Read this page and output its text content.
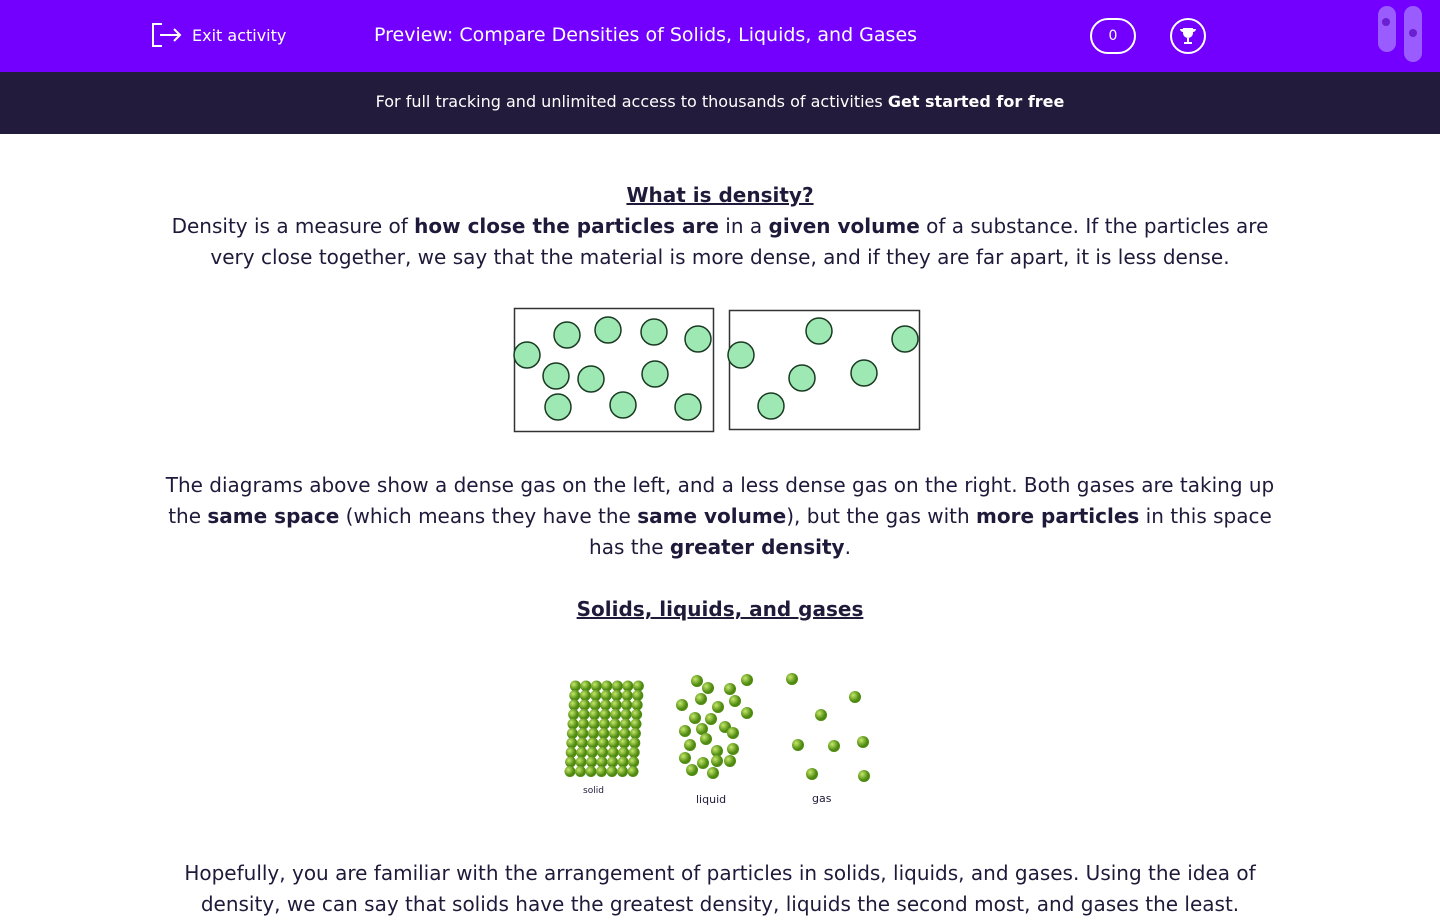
Exit activity	Preview: Compare Densities of Solids, Liquids, and Gases	0
For full tracking and unlimited access to thousands of activities Get started for free
What is density?

Density is a measure of how close the particles are in a given volume of a substance. If the particles are very close together, we say that the material is more dense, and if they are far apart, it is less dense.

The diagrams above show a dense gas on the left, and a less dense gas on the right. Both gases are taking up the same space (which means they have the same volume), but the gas with more particles in this space has the greater density.

Solids, liquids, and gases
solid
liquid	gas

Hopefully, you are familiar with the arrangement of particles in solids, liquids, and gases. Using the idea of density, we can say that solids have the greatest density, liquids the second most, and gases the least.
